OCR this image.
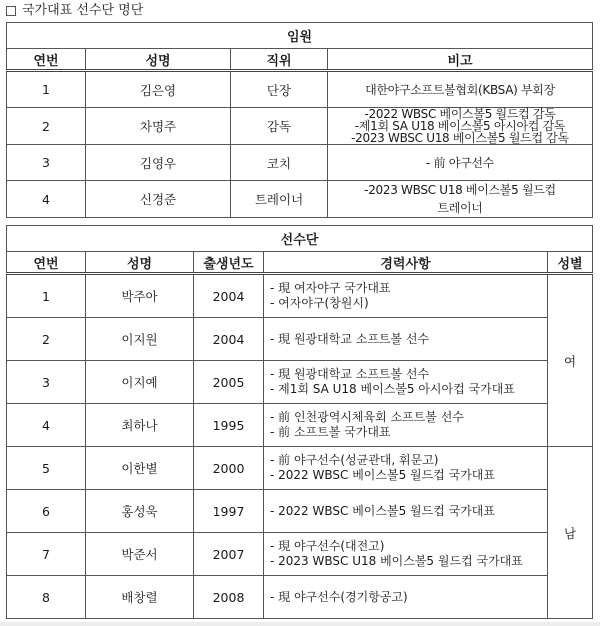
국가대표 선수단 명단
임원			
연번	성명	직위	비고
1	김은영	단장	대한야구소프트볼협회(KBSA) 부회장

2	차명주	감독	-2022 WBSC 베이스볼5 월드컵 감독
-제1회 SA U18 베이스볼5 아시아컵 감독
-2023 WBSC U18 베이스볼5 월드컵 감독

3	김영우	코치	- 前 야구선수

4	신경준	트레이너	-2023 WBSC U18 베이스볼5 월드컵
트레이너
선수단				
연번	성명	출생년도	경력사항	성별
1	박주아	2004	- 現 여자야구 국가대표
- 여자야구(창원시)	여
2	이지원	2004	- 現 원광대학교 소프트볼 선수	

3	이지예	2005	- 現 원광대학교 소프트볼 선수
- 제1회 SA U18 베이스볼5 아시아컵 국가대표	

4	최하나	1995	- 前 인천광역시체육회 소프트볼 선수
- 前 소프트볼 국가대표	

5	이한별	2000	- 前 야구선수(성균관대, 휘문고)
- 2022 WBSC 베이스볼5 월드컵 국가대표	남
6	홍성욱	1997	- 2022 WBSC 베이스볼5 월드컵 국가대표	

7	박준서	2007	- 現 야구선수(대전고)
- 2023 WBSC U18 베이스볼5 월드컵 국가대표	

8	배창렬	2008	- 現 야구선수(경기항공고)	
